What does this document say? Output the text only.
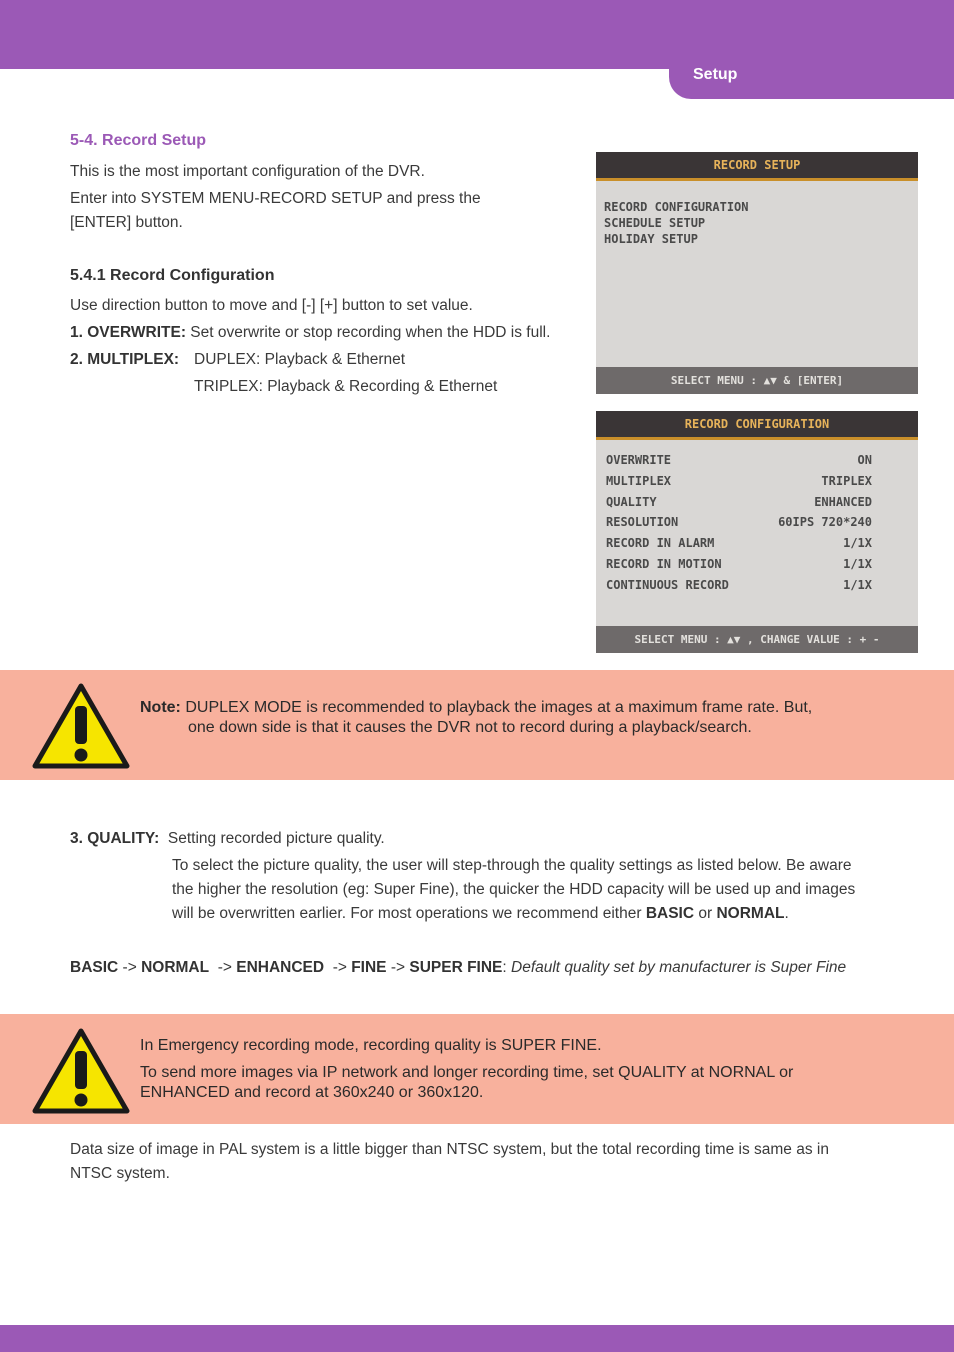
Setup
5-4. Record Setup
This is the most important configuration of the DVR.
Enter into SYSTEM MENU-RECORD SETUP and press the
[ENTER] button.
5.4.1 Record Configuration
Use direction button to move and [-] [+] button to set value.
1. OVERWRITE: Set overwrite or stop recording when the HDD is full.
2. MULTIPLEX: DUPLEX: Playback & Ethernet
TRIPLEX: Playback & Recording & Ethernet
RECORD SETUP
RECORD CONFIGURATION
SCHEDULE SETUP
HOLIDAY SETUP
SELECT MENU : ▲▼ & [ENTER]
RECORD CONFIGURATION
OVERWRITE	ON
MULTIPLEX	TRIPLEX
QUALITY	ENHANCED
RESOLUTION	60IPS 720*240
RECORD IN ALARM	1/1X
RECORD IN MOTION	1/1X
CONTINUOUS RECORD	1/1X
SELECT MENU : ▲▼ , CHANGE VALUE : + -
Note: DUPLEX MODE is recommended to playback the images at a maximum frame rate. But,
one down side is that it causes the DVR not to record during a playback/search.
3. QUALITY: Setting recorded picture quality.
To select the picture quality, the user will step-through the quality settings as listed below. Be aware
the higher the resolution (eg: Super Fine), the quicker the HDD capacity will be used up and images
will be overwritten earlier. For most operations we recommend either BASIC or NORMAL.
BASIC -> NORMAL  -> ENHANCED  -> FINE -> SUPER FINE: Default quality set by manufacturer is Super Fine
In Emergency recording mode, recording quality is SUPER FINE.
To send more images via IP network and longer recording time, set QUALITY at NORNAL or
ENHANCED and record at 360x240 or 360x120.
Data size of image in PAL system is a little bigger than NTSC system, but the total recording time is same as in
NTSC system.
